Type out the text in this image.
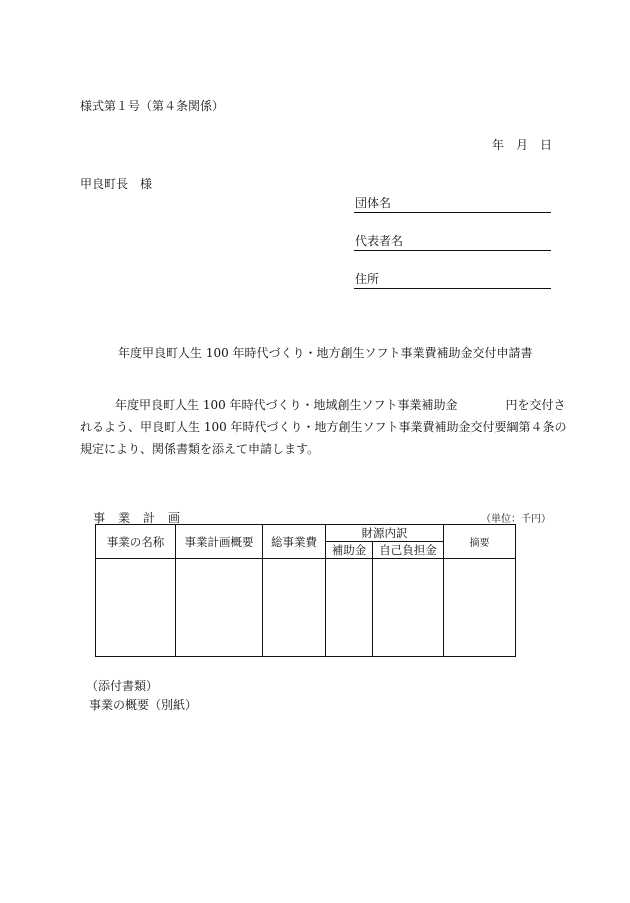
様式第１号（第４条関係）
年　月　日
甲良町長　様
団体名
代表者名
住所
年度甲良町人生 100 年時代づくり・地方創生ソフト事業費補助金交付申請書
年度甲良町人生 100 年時代づくり・地域創生ソフト事業補助金　　　　円を交付さ
れるよう、甲良町人生 100 年時代づくり・地方創生ソフト事業費補助金交付要綱第４条の
規定により、関係書類を添えて申請します。
事業計画	（単位：千円）
事業の名称	事業計画概要	総事業費	財源内訳		摘要
			補助金	自己負担金	

（添付書類）
事業の概要（別紙）
